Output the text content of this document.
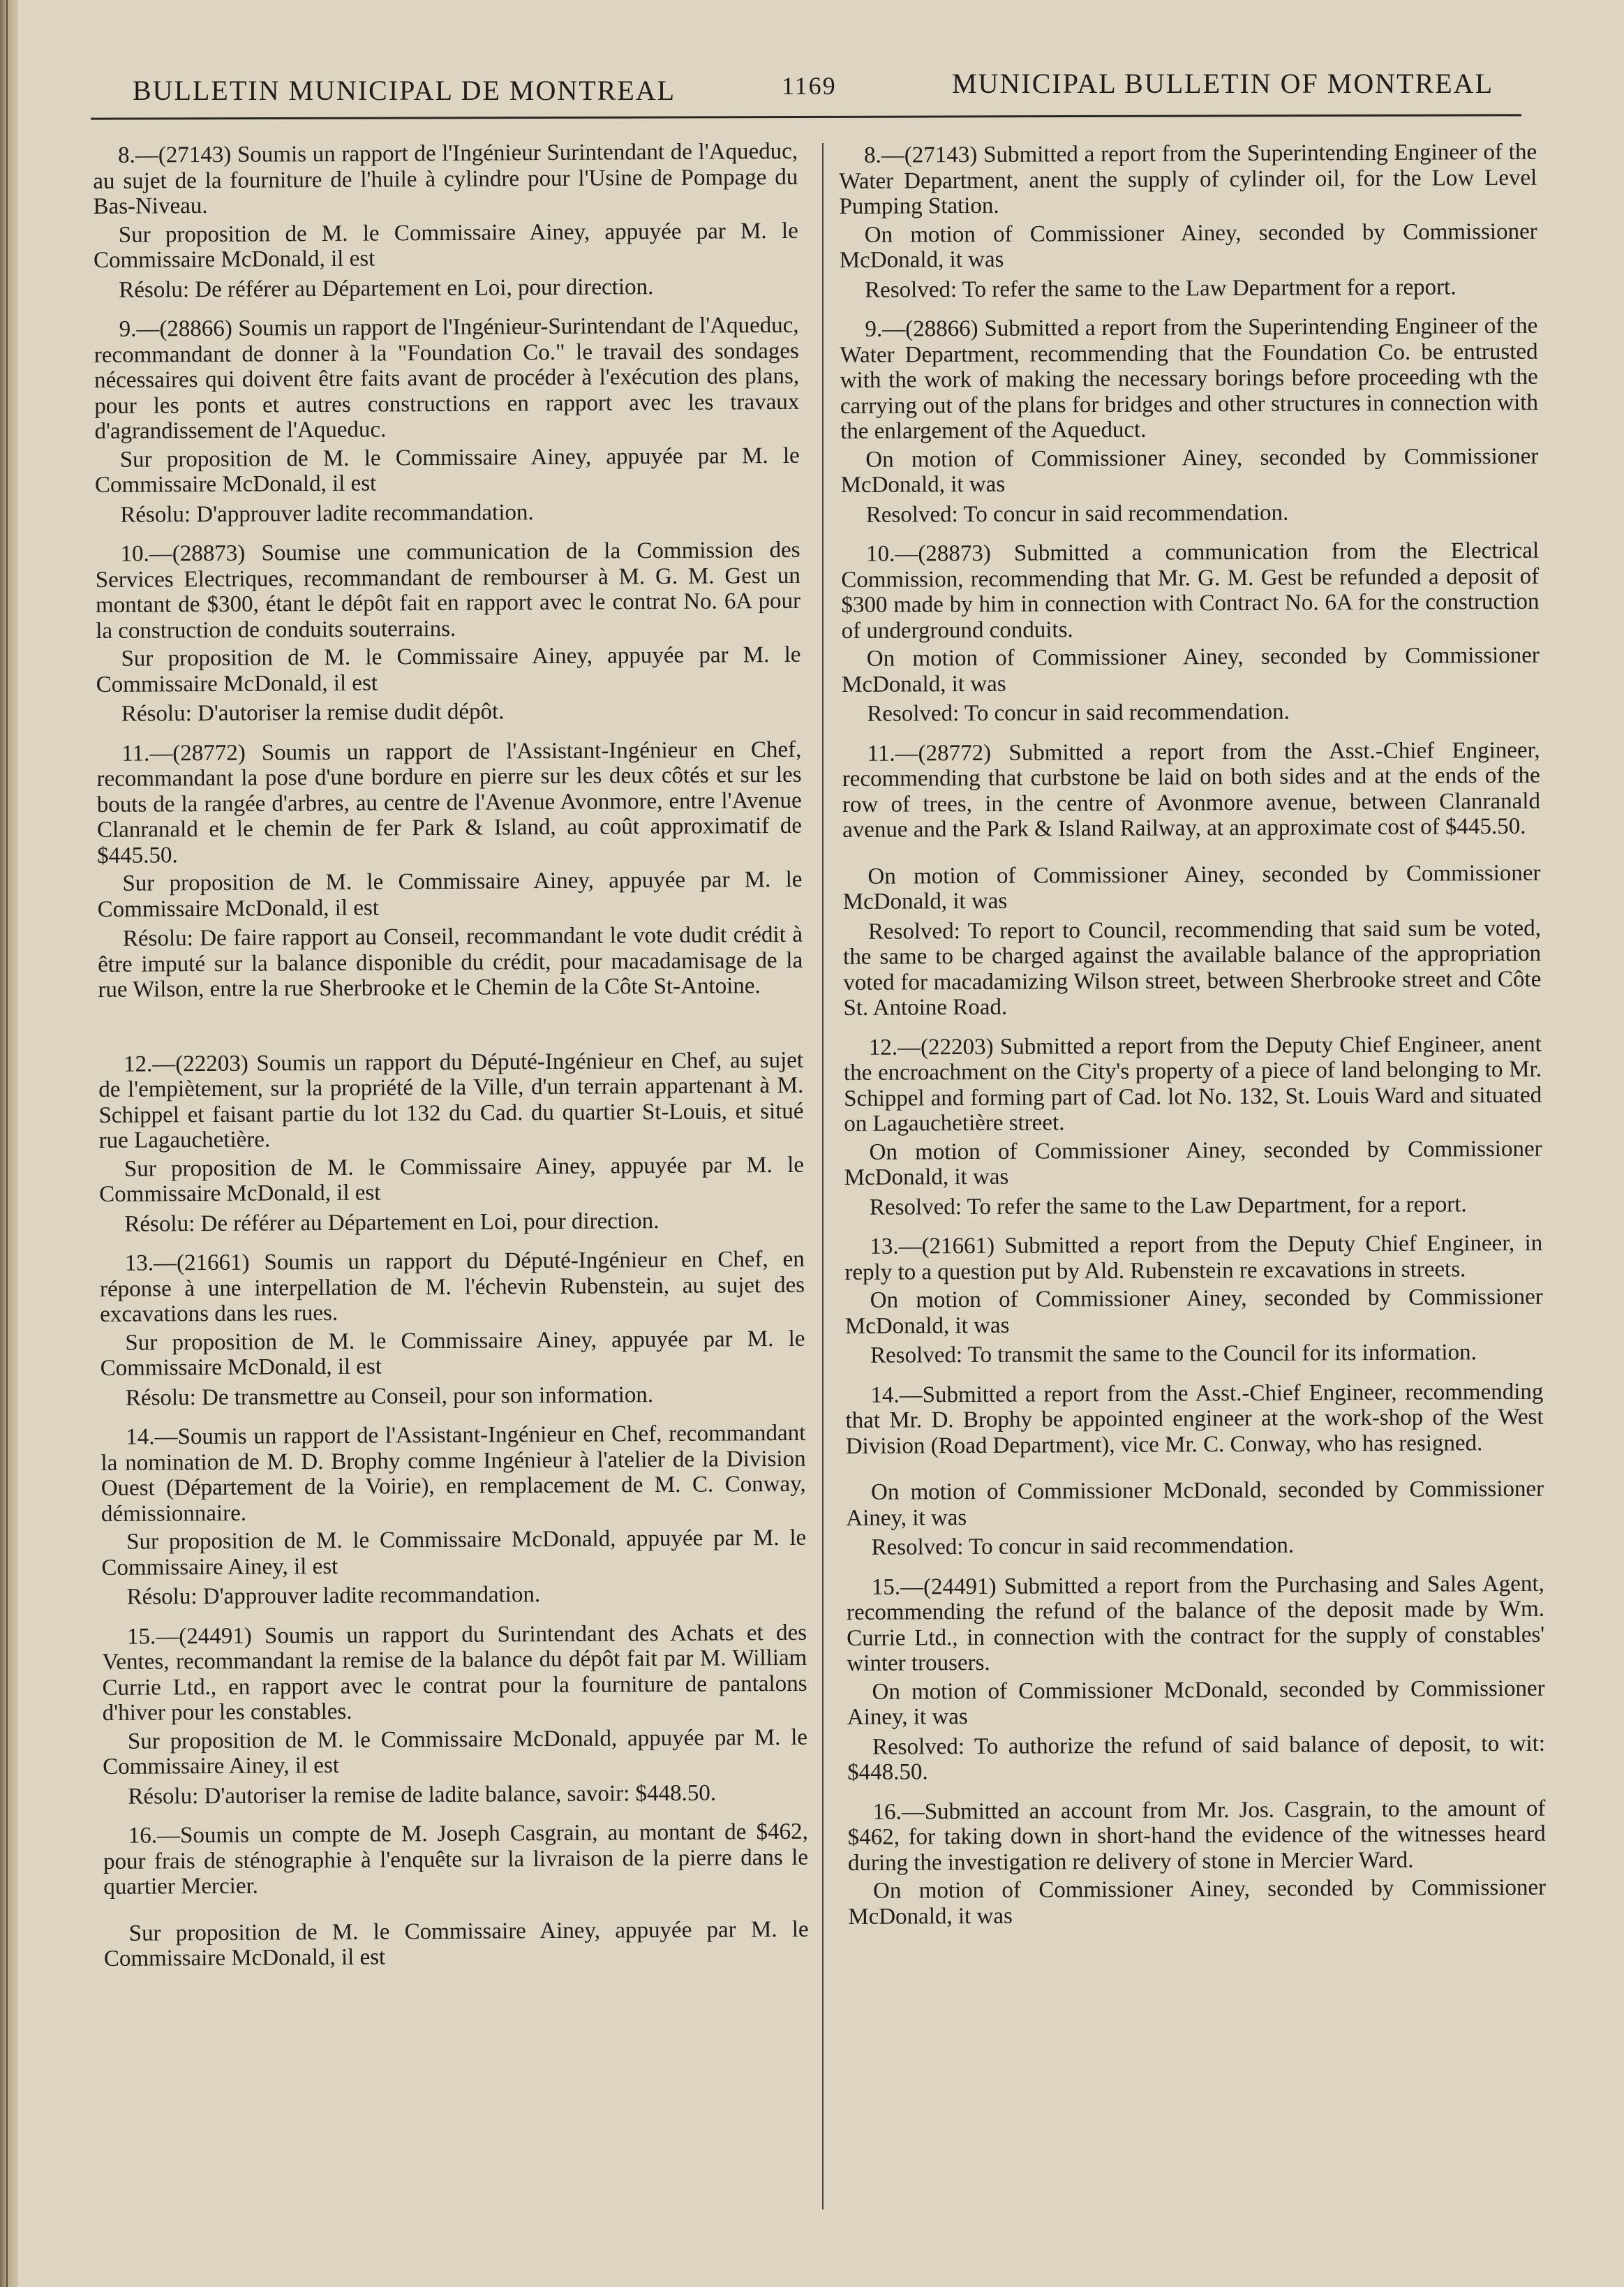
BULLETIN MUNICIPAL DE MONTREAL	1169	MUNICIPAL BULLETIN OF MONTREAL

8.—(27143) Soumis un rapport de l'Ingénieur Surintendant de l'Aqueduc, au sujet de la fourniture de l'huile à cylindre pour l'Usine de Pompage du Bas-Niveau.

Sur proposition de M. le Commissaire Ainey, appuyée par M. le Commissaire McDonald, il est

Résolu: De référer au Département en Loi, pour direction.

9.—(28866) Soumis un rapport de l'Ingénieur-Surintendant de l'Aqueduc, recommandant de donner à la "Foundation Co." le travail des sondages nécessaires qui doivent être faits avant de procéder à l'exécution des plans, pour les ponts et autres constructions en rapport avec les travaux d'agrandissement de l'Aqueduc.

Sur proposition de M. le Commissaire Ainey, appuyée par M. le Commissaire McDonald, il est

Résolu: D'approuver ladite recommandation.

10.—(28873) Soumise une communication de la Commission des Services Electriques, recommandant de rembourser à M. G. M. Gest un montant de $300, étant le dépôt fait en rapport avec le contrat No. 6A pour la construction de conduits souterrains.

Sur proposition de M. le Commissaire Ainey, appuyée par M. le Commissaire McDonald, il est

Résolu: D'autoriser la remise dudit dépôt.

11.—(28772) Soumis un rapport de l'Assistant-Ingénieur en Chef, recommandant la pose d'une bordure en pierre sur les deux côtés et sur les bouts de la rangée d'arbres, au centre de l'Avenue Avonmore, entre l'Avenue Clanranald et le chemin de fer Park & Island, au coût approximatif de $445.50.

Sur proposition de M. le Commissaire Ainey, appuyée par M. le Commissaire McDonald, il est

Résolu: De faire rapport au Conseil, recommandant le vote dudit crédit à être imputé sur la balance disponible du crédit, pour macadamisage de la rue Wilson, entre la rue Sherbrooke et le Chemin de la Côte St-Antoine.

12.—(22203) Soumis un rapport du Député-Ingénieur en Chef, au sujet de l'empiètement, sur la propriété de la Ville, d'un terrain appartenant à M. Schippel et faisant partie du lot 132 du Cad. du quartier St-Louis, et situé rue Lagauchetière.

Sur proposition de M. le Commissaire Ainey, appuyée par M. le Commissaire McDonald, il est

Résolu: De référer au Département en Loi, pour direction.

13.—(21661) Soumis un rapport du Député-Ingénieur en Chef, en réponse à une interpellation de M. l'échevin Rubenstein, au sujet des excavations dans les rues.

Sur proposition de M. le Commissaire Ainey, appuyée par M. le Commissaire McDonald, il est

Résolu: De transmettre au Conseil, pour son information.

14.—Soumis un rapport de l'Assistant-Ingénieur en Chef, recommandant la nomination de M. D. Brophy comme Ingénieur à l'atelier de la Division Ouest (Département de la Voirie), en remplacement de M. C. Conway, démissionnaire.

Sur proposition de M. le Commissaire McDonald, appuyée par M. le Commissaire Ainey, il est

Résolu: D'approuver ladite recommandation.

15.—(24491) Soumis un rapport du Surintendant des Achats et des Ventes, recommandant la remise de la balance du dépôt fait par M. William Currie Ltd., en rapport avec le contrat pour la fourniture de pantalons d'hiver pour les constables.

Sur proposition de M. le Commissaire McDonald, appuyée par M. le Commissaire Ainey, il est

Résolu: D'autoriser la remise de ladite balance, savoir: $448.50.

16.—Soumis un compte de M. Joseph Casgrain, au montant de $462, pour frais de sténographie à l'enquête sur la livraison de la pierre dans le quartier Mercier.

Sur proposition de M. le Commissaire Ainey, appuyée par M. le Commissaire McDonald, il est

8.—(27143) Submitted a report from the Superintending Engineer of the Water Department, anent the supply of cylinder oil, for the Low Level Pumping Station.

On motion of Commissioner Ainey, seconded by Commissioner McDonald, it was

Resolved: To refer the same to the Law Department for a report.

9.—(28866) Submitted a report from the Superintending Engineer of the Water Department, recommending that the Foundation Co. be entrusted with the work of making the necessary borings before proceeding wth the carrying out of the plans for bridges and other structures in connection with the enlargement of the Aqueduct.

On motion of Commissioner Ainey, seconded by Commissioner McDonald, it was

Resolved: To concur in said recommendation.

10.—(28873) Submitted a communication from the Electrical Commission, recommending that Mr. G. M. Gest be refunded a deposit of $300 made by him in connection with Contract No. 6A for the construction of underground conduits.

On motion of Commissioner Ainey, seconded by Commissioner McDonald, it was

Resolved: To concur in said recommendation.

11.—(28772) Submitted a report from the Asst.-Chief Engineer, recommending that curbstone be laid on both sides and at the ends of the row of trees, in the centre of Avonmore avenue, between Clanranald avenue and the Park & Island Railway, at an approximate cost of $445.50.

On motion of Commissioner Ainey, seconded by Commissioner McDonald, it was

Resolved: To report to Council, recommending that said sum be voted, the same to be charged against the available balance of the appropriation voted for macadamizing Wilson street, between Sherbrooke street and Côte St. Antoine Road.

12.—(22203) Submitted a report from the Deputy Chief Engineer, anent the encroachment on the City's property of a piece of land belonging to Mr. Schippel and forming part of Cad. lot No. 132, St. Louis Ward and situated on Lagauchetière street.

On motion of Commissioner Ainey, seconded by Commissioner McDonald, it was

Resolved: To refer the same to the Law Department, for a report.

13.—(21661) Submitted a report from the Deputy Chief Engineer, in reply to a question put by Ald. Rubenstein re excavations in streets.

On motion of Commissioner Ainey, seconded by Commissioner McDonald, it was

Resolved: To transmit the same to the Council for its information.

14.—Submitted a report from the Asst.-Chief Engineer, recommending that Mr. D. Brophy be appointed engineer at the work-shop of the West Division (Road Department), vice Mr. C. Conway, who has resigned.

On motion of Commissioner McDonald, seconded by Commissioner Ainey, it was

Resolved: To concur in said recommendation.

15.—(24491) Submitted a report from the Purchasing and Sales Agent, recommending the refund of the balance of the deposit made by Wm. Currie Ltd., in connection with the contract for the supply of constables' winter trousers.

On motion of Commissioner McDonald, seconded by Commissioner Ainey, it was

Resolved: To authorize the refund of said balance of deposit, to wit: $448.50.

16.—Submitted an account from Mr. Jos. Casgrain, to the amount of $462, for taking down in short-hand the evidence of the witnesses heard during the investigation re delivery of stone in Mercier Ward.

On motion of Commissioner Ainey, seconded by Commissioner McDonald, it was
